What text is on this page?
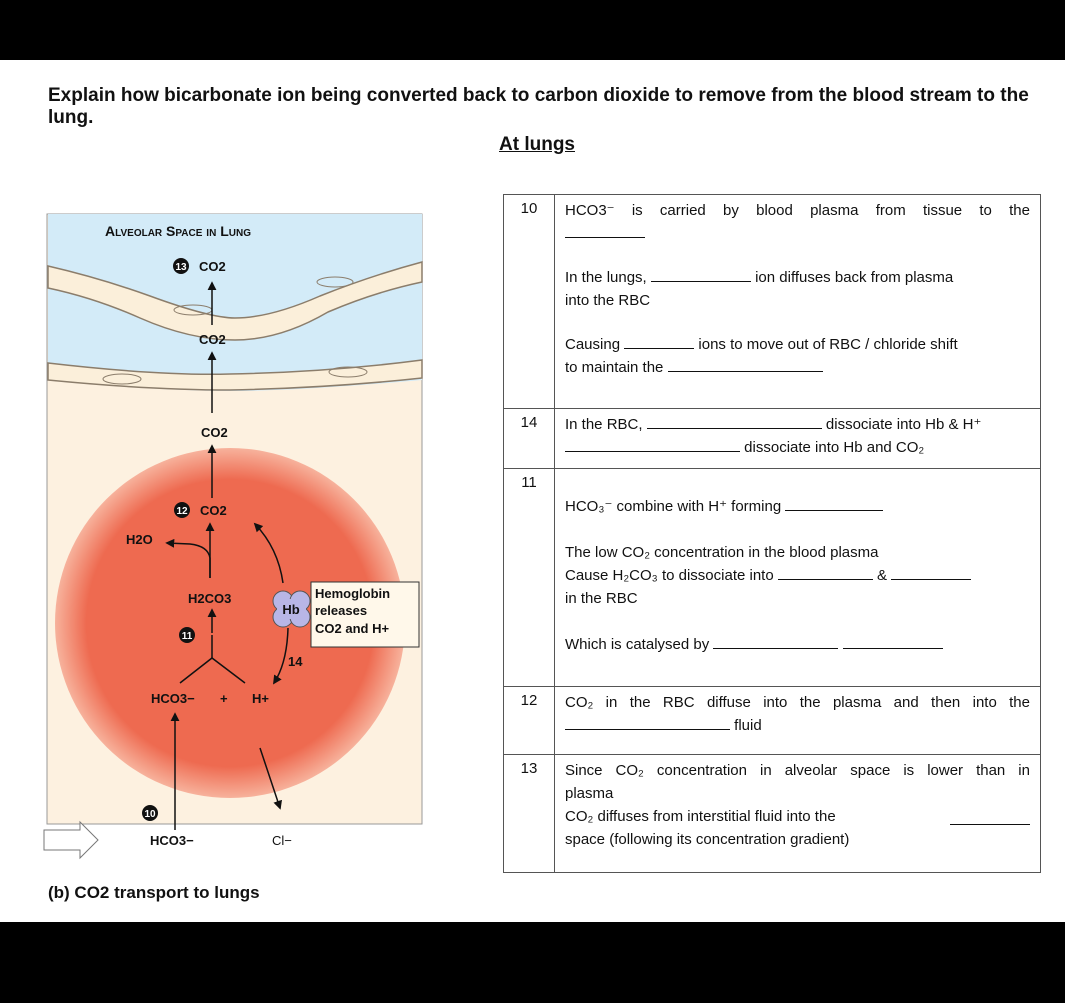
Explain how bicarbonate ion being converted back to carbon dioxide to remove from the blood stream to the lung.

At lungs
Alveolar Space in Lung
13 CO2
CO2
CO2
12 CO2
H2O
H2CO3
Hb
Hemoglobin
releases
CO2 and H+
11
14
HCO3− + H+
10
HCO3−	Cl−
(b) CO2 transport to lungs
10	HCO3⁻ is carried by blood plasma from tissue to the

In the lungs, ion diffuses back from plasma

into the RBC

Causing ions to move out of RBC / chloride shift

to maintain the

14	In the RBC, dissociate into Hb & H⁺

dissociate into Hb and CO₂

11	HCO₃⁻ combine with H⁺ forming

The low CO₂ concentration in the blood plasma

Cause H₂CO₃ to dissociate into &

in the RBC

Which is catalysed by

12	CO₂ in the RBC diffuse into the plasma and then into the

fluid

13	Since CO₂ concentration in alveolar space is lower than in

plasma

CO₂ diffuses from interstitial fluid into the

space (following its concentration gradient)
